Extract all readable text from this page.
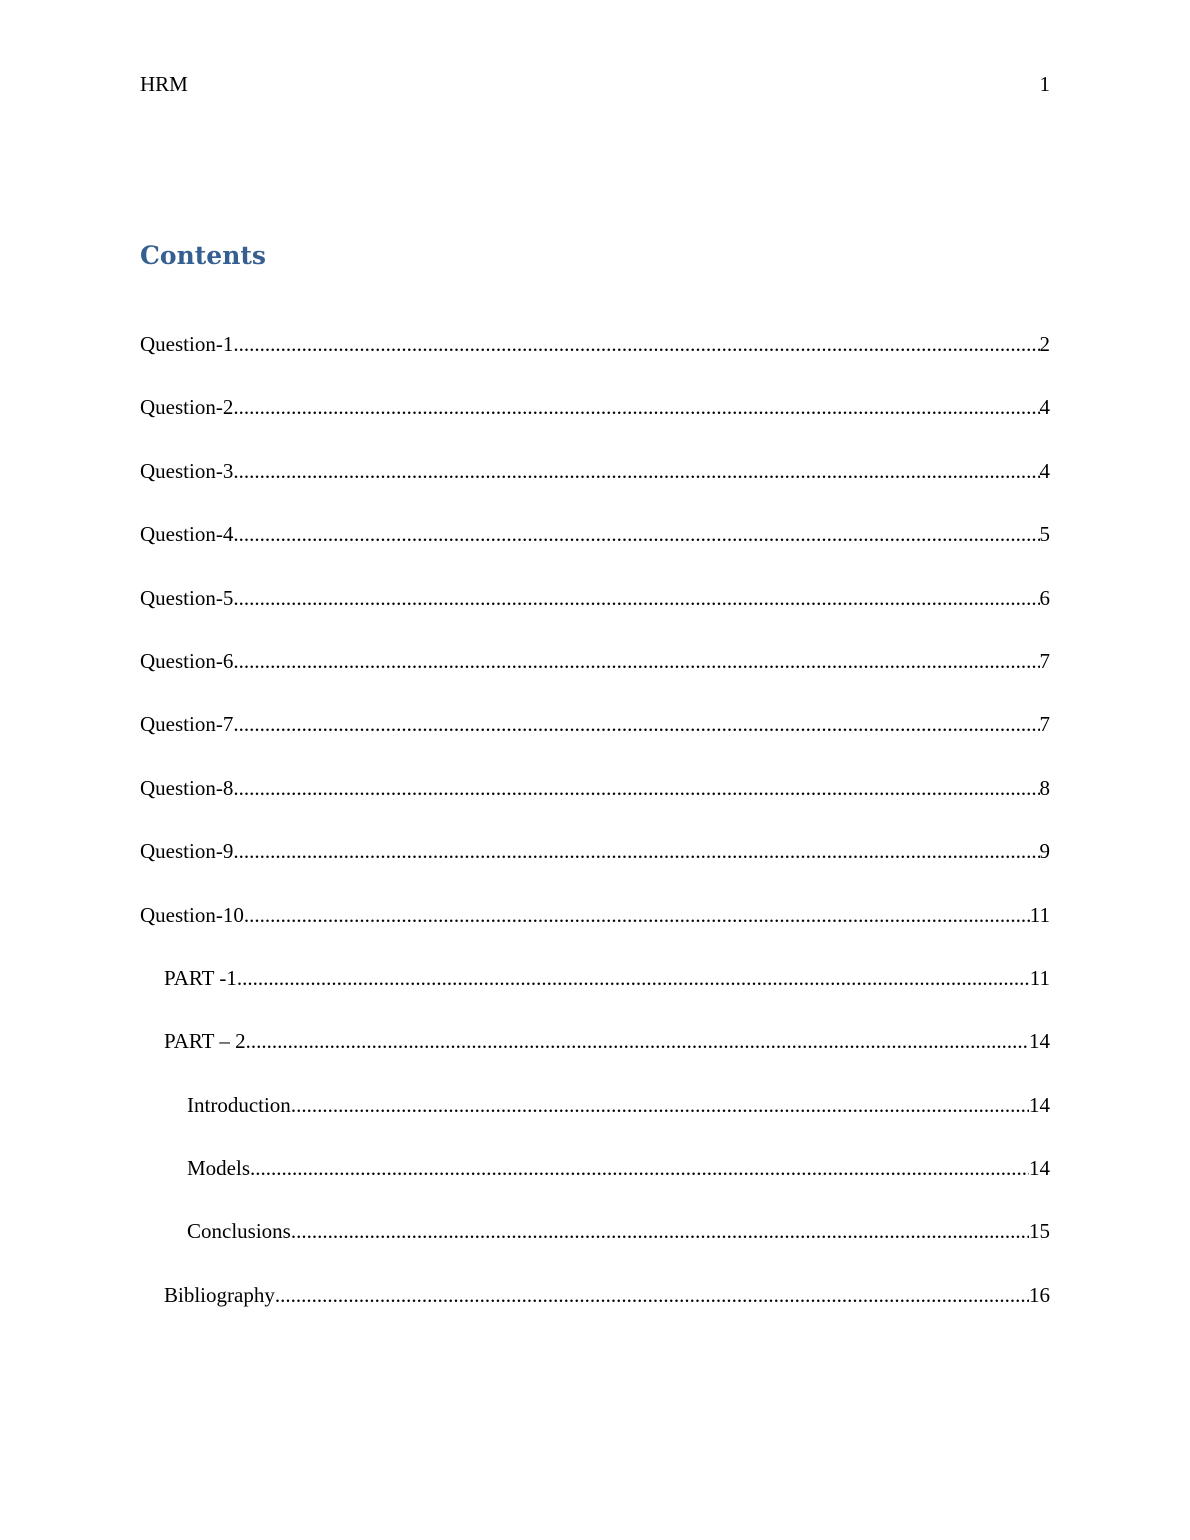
HRM	1
Contents
Question-1 .....	2
Question-2 .....	4
Question-3 .....	4
Question-4 .....	5
Question-5 .....	6
Question-6 .....	7
Question-7 .....	7
Question-8 .....	8
Question-9 .....	9
Question-10 .....	11
PART -1 .....	11
PART – 2 .....	14
Introduction .....	14
Models .....	14
Conclusions .....	15
Bibliography .....	16
